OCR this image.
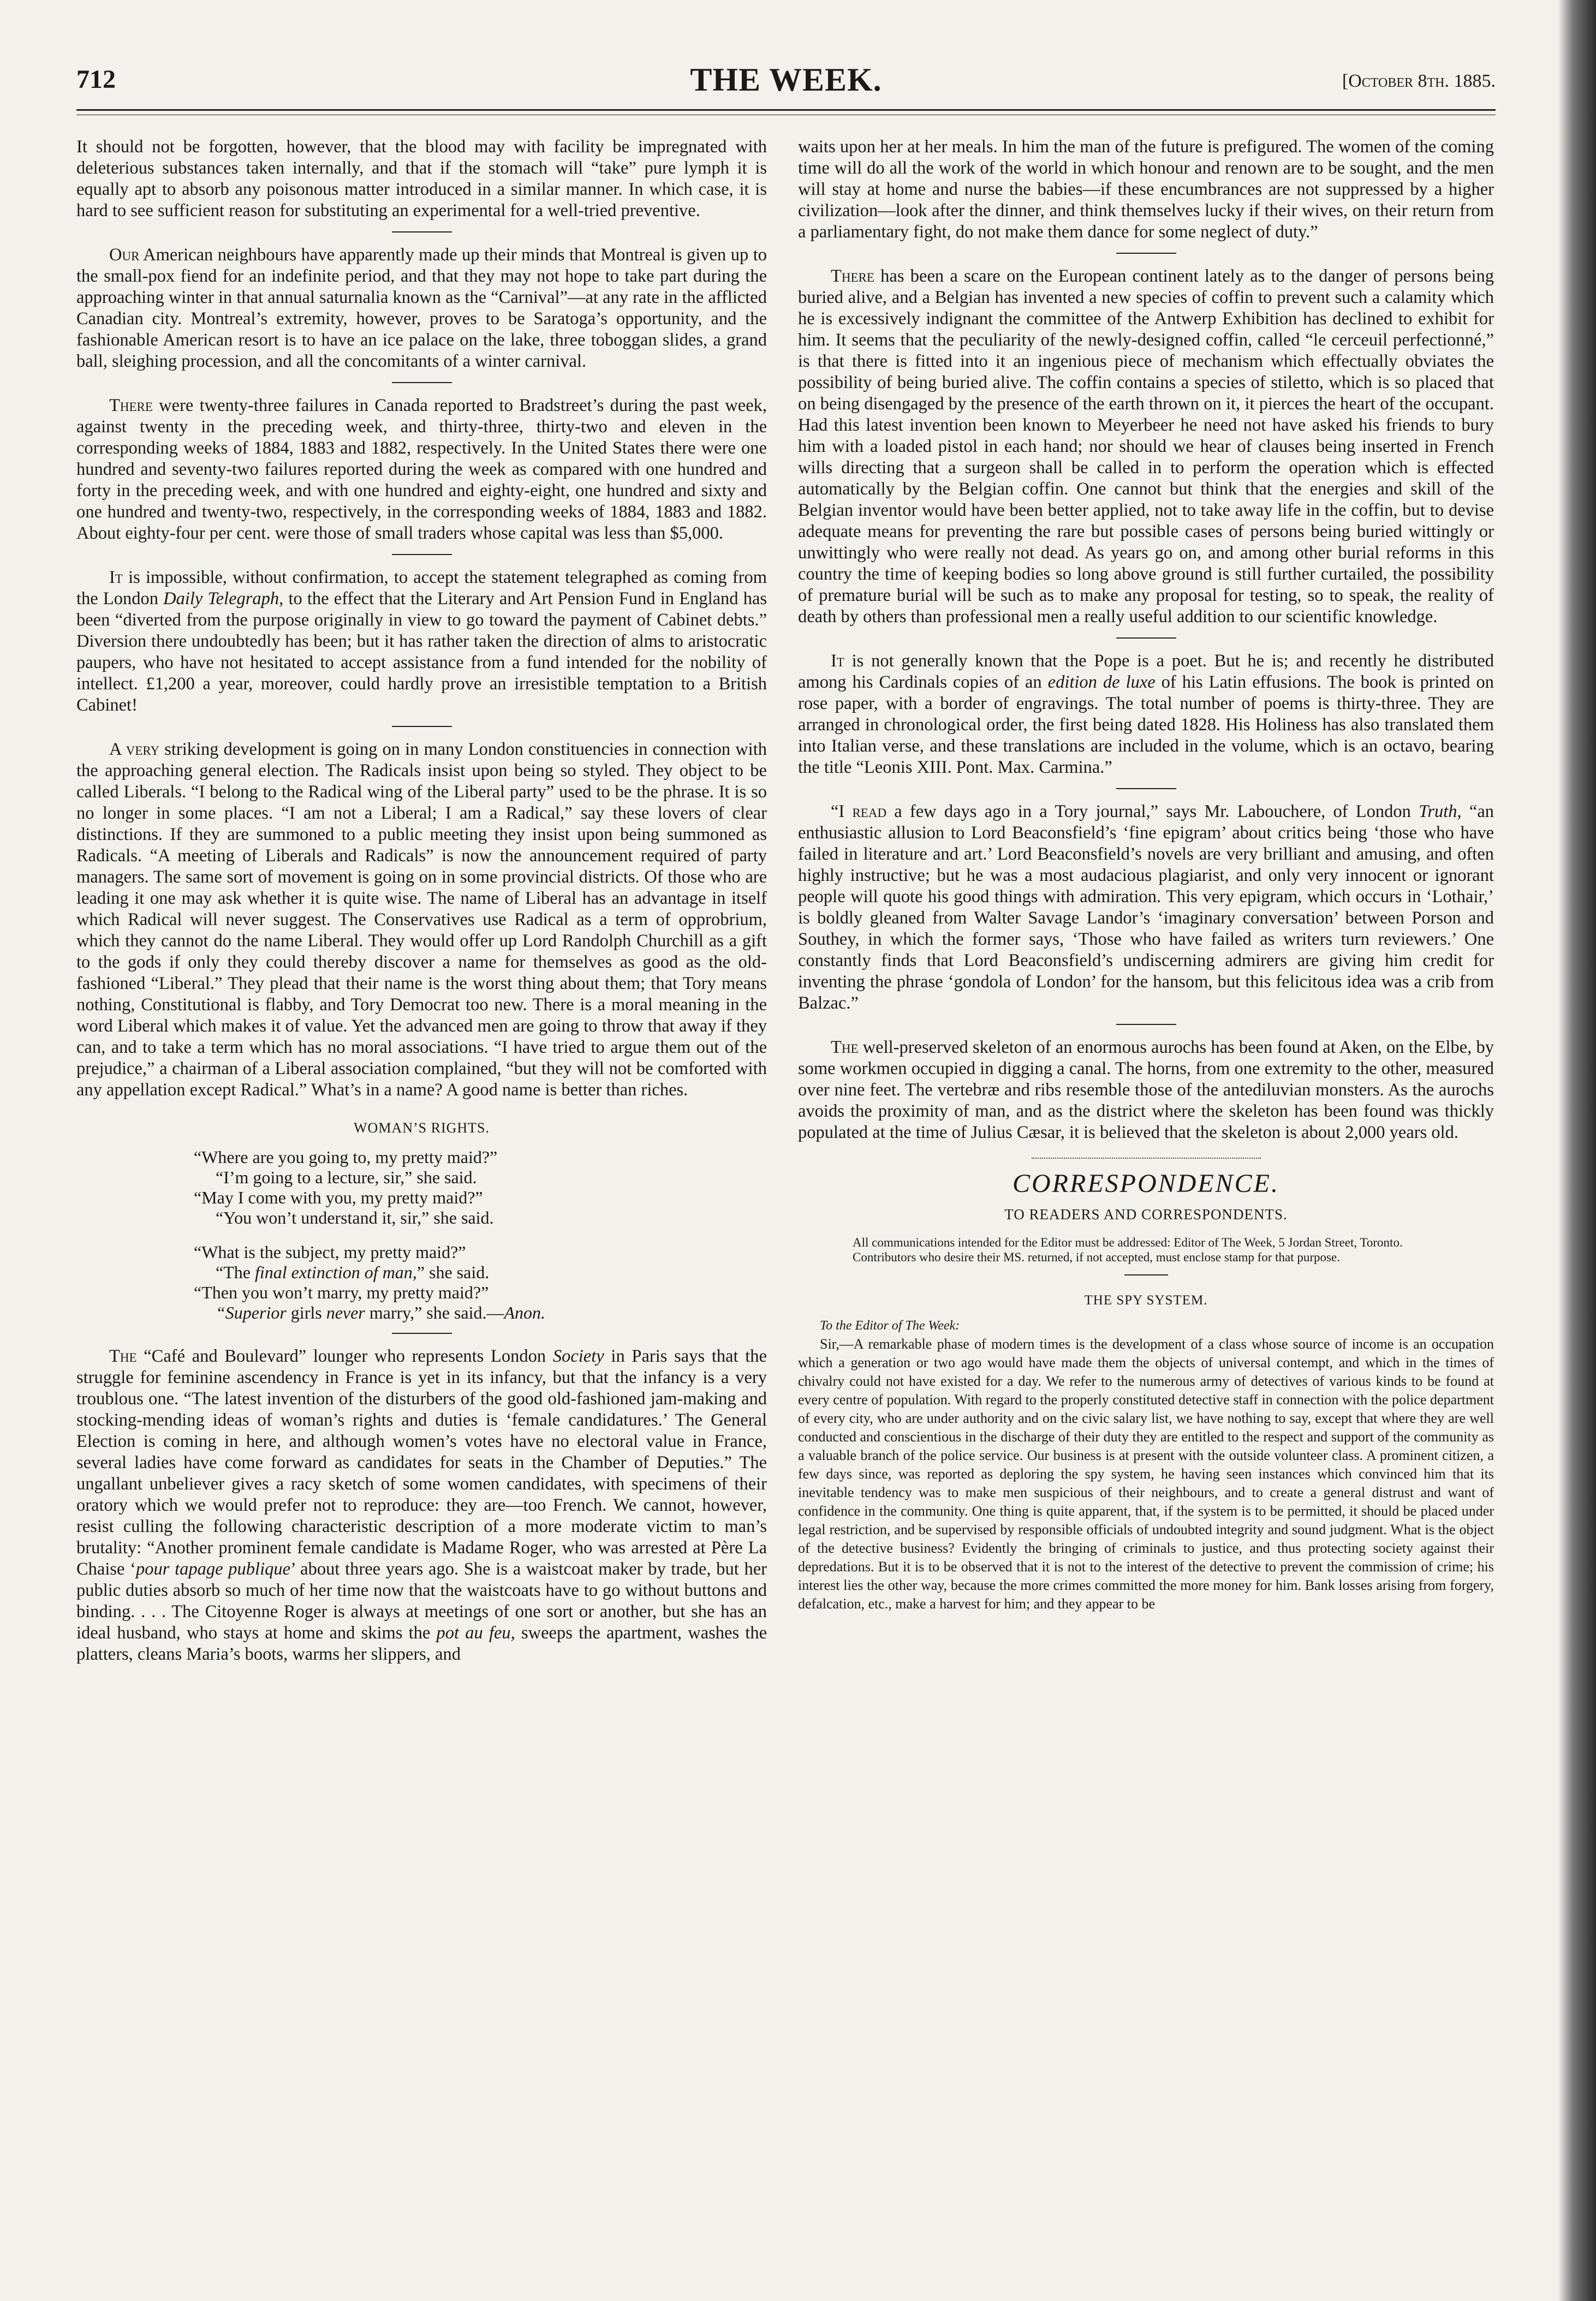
712	THE WEEK.	[October 8th. 1885.

It should not be forgotten, however, that the blood may with facility be impregnated with deleterious substances taken internally, and that if the stomach will “take” pure lymph it is equally apt to absorb any poisonous matter introduced in a similar manner. In which case, it is hard to see sufficient reason for substituting an experimental for a well-tried preventive.

Our American neighbours have apparently made up their minds that Montreal is given up to the small-pox fiend for an indefinite period, and that they may not hope to take part during the approaching winter in that annual saturnalia known as the “Carnival”—at any rate in the afflicted Canadian city. Montreal’s extremity, however, proves to be Saratoga’s opportunity, and the fashionable American resort is to have an ice palace on the lake, three toboggan slides, a grand ball, sleighing procession, and all the concomitants of a winter carnival.

There were twenty-three failures in Canada reported to Bradstreet’s during the past week, against twenty in the preceding week, and thirty-three, thirty-two and eleven in the corresponding weeks of 1884, 1883 and 1882, respectively. In the United States there were one hundred and seventy-two failures reported during the week as compared with one hundred and forty in the preceding week, and with one hundred and eighty-eight, one hundred and sixty and one hundred and twenty-two, respectively, in the corresponding weeks of 1884, 1883 and 1882. About eighty-four per cent. were those of small traders whose capital was less than $5,000.

It is impossible, without confirmation, to accept the statement telegraphed as coming from the London Daily Telegraph, to the effect that the Literary and Art Pension Fund in England has been “diverted from the purpose originally in view to go toward the payment of Cabinet debts.” Diversion there undoubtedly has been; but it has rather taken the direction of alms to aristocratic paupers, who have not hesitated to accept assistance from a fund intended for the nobility of intellect. £1,200 a year, moreover, could hardly prove an irresistible temptation to a British Cabinet!

A very striking development is going on in many London constituencies in connection with the approaching general election. The Radicals insist upon being so styled. They object to be called Liberals. “I belong to the Radical wing of the Liberal party” used to be the phrase. It is so no longer in some places. “I am not a Liberal; I am a Radical,” say these lovers of clear distinctions. If they are summoned to a public meeting they insist upon being summoned as Radicals. “A meeting of Liberals and Radicals” is now the announcement required of party managers. The same sort of movement is going on in some provincial districts. Of those who are leading it one may ask whether it is quite wise. The name of Liberal has an advantage in itself which Radical will never suggest. The Conservatives use Radical as a term of opprobrium, which they cannot do the name Liberal. They would offer up Lord Randolph Churchill as a gift to the gods if only they could thereby discover a name for themselves as good as the old-fashioned “Liberal.” They plead that their name is the worst thing about them; that Tory means nothing, Constitutional is flabby, and Tory Democrat too new. There is a moral meaning in the word Liberal which makes it of value. Yet the advanced men are going to throw that away if they can, and to take a term which has no moral associations. “I have tried to argue them out of the prejudice,” a chairman of a Liberal association complained, “but they will not be comforted with any appellation except Radical.” What’s in a name? A good name is better than riches.

WOMAN’S RIGHTS.
“Where are you going to, my pretty maid?”
“I’m going to a lecture, sir,” she said.
“May I come with you, my pretty maid?”
“You won’t understand it, sir,” she said.
“What is the subject, my pretty maid?”
“The final extinction of man,” she said.
“Then you won’t marry, my pretty maid?”
“Superior girls never marry,” she said.—Anon.

The “Café and Boulevard” lounger who represents London Society in Paris says that the struggle for feminine ascendency in France is yet in its infancy, but that the infancy is a very troublous one. “The latest invention of the disturbers of the good old-fashioned jam-making and stocking-mending ideas of woman’s rights and duties is ‘female candidatures.’ The General Election is coming in here, and although women’s votes have no electoral value in France, several ladies have come forward as candidates for seats in the Chamber of Deputies.” The ungallant unbeliever gives a racy sketch of some women candidates, with specimens of their oratory which we would prefer not to reproduce: they are—too French. We cannot, however, resist culling the following characteristic description of a more moderate victim to man’s brutality: “Another prominent female candidate is Madame Roger, who was arrested at Père La Chaise ‘pour tapage publique’ about three years ago. She is a waistcoat maker by trade, but her public duties absorb so much of her time now that the waistcoats have to go without buttons and binding. . . . The Citoyenne Roger is always at meetings of one sort or another, but she has an ideal husband, who stays at home and skims the pot au feu, sweeps the apartment, washes the platters, cleans Maria’s boots, warms her slippers, and

waits upon her at her meals. In him the man of the future is prefigured. The women of the coming time will do all the work of the world in which honour and renown are to be sought, and the men will stay at home and nurse the babies—if these encumbrances are not suppressed by a higher civilization—look after the dinner, and think themselves lucky if their wives, on their return from a parliamentary fight, do not make them dance for some neglect of duty.”

There has been a scare on the European continent lately as to the danger of persons being buried alive, and a Belgian has invented a new species of coffin to prevent such a calamity which he is excessively indignant the committee of the Antwerp Exhibition has declined to exhibit for him. It seems that the peculiarity of the newly-designed coffin, called “le cerceuil perfectionné,” is that there is fitted into it an ingenious piece of mechanism which effectually obviates the possibility of being buried alive. The coffin contains a species of stiletto, which is so placed that on being disengaged by the presence of the earth thrown on it, it pierces the heart of the occupant. Had this latest invention been known to Meyerbeer he need not have asked his friends to bury him with a loaded pistol in each hand; nor should we hear of clauses being inserted in French wills directing that a surgeon shall be called in to perform the operation which is effected automatically by the Belgian coffin. One cannot but think that the energies and skill of the Belgian inventor would have been better applied, not to take away life in the coffin, but to devise adequate means for preventing the rare but possible cases of persons being buried wittingly or unwittingly who were really not dead. As years go on, and among other burial reforms in this country the time of keeping bodies so long above ground is still further curtailed, the possibility of premature burial will be such as to make any proposal for testing, so to speak, the reality of death by others than professional men a really useful addition to our scientific knowledge.

It is not generally known that the Pope is a poet. But he is; and recently he distributed among his Cardinals copies of an edition de luxe of his Latin effusions. The book is printed on rose paper, with a border of engravings. The total number of poems is thirty-three. They are arranged in chronological order, the first being dated 1828. His Holiness has also translated them into Italian verse, and these translations are included in the volume, which is an octavo, bearing the title “Leonis XIII. Pont. Max. Carmina.”

“I read a few days ago in a Tory journal,” says Mr. Labouchere, of London Truth, “an enthusiastic allusion to Lord Beaconsfield’s ‘fine epigram’ about critics being ‘those who have failed in literature and art.’ Lord Beaconsfield’s novels are very brilliant and amusing, and often highly instructive; but he was a most audacious plagiarist, and only very innocent or ignorant people will quote his good things with admiration. This very epigram, which occurs in ‘Lothair,’ is boldly gleaned from Walter Savage Landor’s ‘imaginary conversation’ between Porson and Southey, in which the former says, ‘Those who have failed as writers turn reviewers.’ One constantly finds that Lord Beaconsfield’s undiscerning admirers are giving him credit for inventing the phrase ‘gondola of London’ for the hansom, but this felicitous idea was a crib from Balzac.”

The well-preserved skeleton of an enormous aurochs has been found at Aken, on the Elbe, by some workmen occupied in digging a canal. The horns, from one extremity to the other, measured over nine feet. The vertebræ and ribs resemble those of the antediluvian monsters. As the aurochs avoids the proximity of man, and as the district where the skeleton has been found was thickly populated at the time of Julius Cæsar, it is believed that the skeleton is about 2,000 years old.

CORRESPONDENCE.
TO READERS AND CORRESPONDENTS.

All communications intended for the Editor must be addressed: Editor of The Week, 5 Jordan Street, Toronto.

Contributors who desire their MS. returned, if not accepted, must enclose stamp for that purpose.

THE SPY SYSTEM.

To the Editor of The Week:

Sir,—A remarkable phase of modern times is the development of a class whose source of income is an occupation which a generation or two ago would have made them the objects of universal contempt, and which in the times of chivalry could not have existed for a day. We refer to the numerous army of detectives of various kinds to be found at every centre of population. With regard to the properly constituted detective staff in connection with the police department of every city, who are under authority and on the civic salary list, we have nothing to say, except that where they are well conducted and conscientious in the discharge of their duty they are entitled to the respect and support of the community as a valuable branch of the police service. Our business is at present with the outside volunteer class. A prominent citizen, a few days since, was reported as deploring the spy system, he having seen instances which convinced him that its inevitable tendency was to make men suspicious of their neighbours, and to create a general distrust and want of confidence in the community. One thing is quite apparent, that, if the system is to be permitted, it should be placed under legal restriction, and be supervised by responsible officials of undoubted integrity and sound judgment. What is the object of the detective business? Evidently the bringing of criminals to justice, and thus protecting society against their depredations. But it is to be observed that it is not to the interest of the detective to prevent the commission of crime; his interest lies the other way, because the more crimes committed the more money for him. Bank losses arising from forgery, defalcation, etc., make a harvest for him; and they appear to be
